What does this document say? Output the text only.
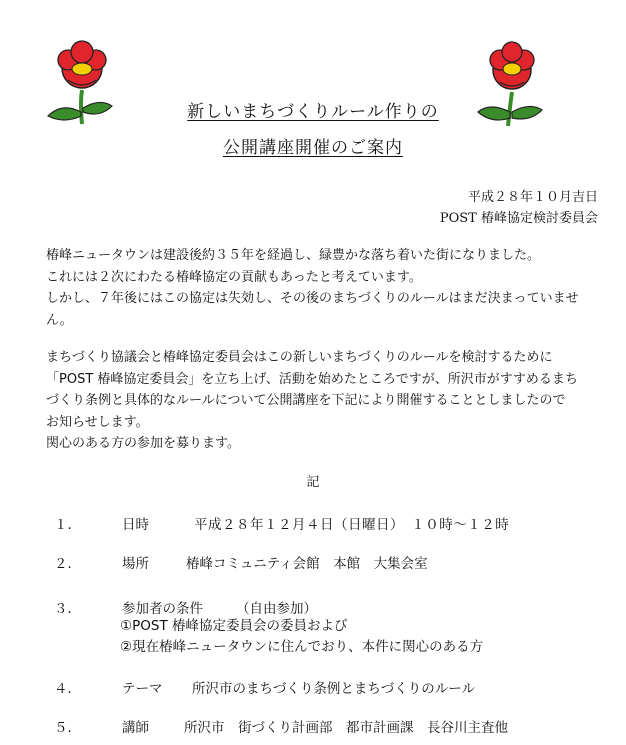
新しいまちづくりルール作りの
公開講座開催のご案内
平成２８年１０月吉日
POST 椿峰協定検討委員会
椿峰ニュータウンは建設後約３５年を経過し、緑豊かな落ち着いた街になりました。
これには２次にわたる椿峰協定の貢献もあったと考えています。
しかし、７年後にはこの協定は失効し、その後のまちづくりのルールはまだ決まっていませ
ん。
まちづくり協議会と椿峰協定委員会はこの新しいまちづくりのルールを検討するために
「POST 椿峰協定委員会」を立ち上げ、活動を始めたところですが、所沢市がすすめるまち
づくり条例と具体的なルールについて公開講座を下記により開催することとしましたので
お知らせします。
関心のある方の参加を募ります。
記
１．	日時	平成２８年１２月４日（日曜日）　１０時～１２時
２．	場所	椿峰コミュニティ会館　本館　大集会室
３．	参加者の条件 （自由参加）
①POST 椿峰協定委員会の委員および
②現在椿峰ニュータウンに住んでおり、本件に関心のある方
４．	テーマ 所沢市のまちづくり条例とまちづくりのルール
５．	講師	所沢市　街づくり計画部　都市計画課　長谷川主査他
